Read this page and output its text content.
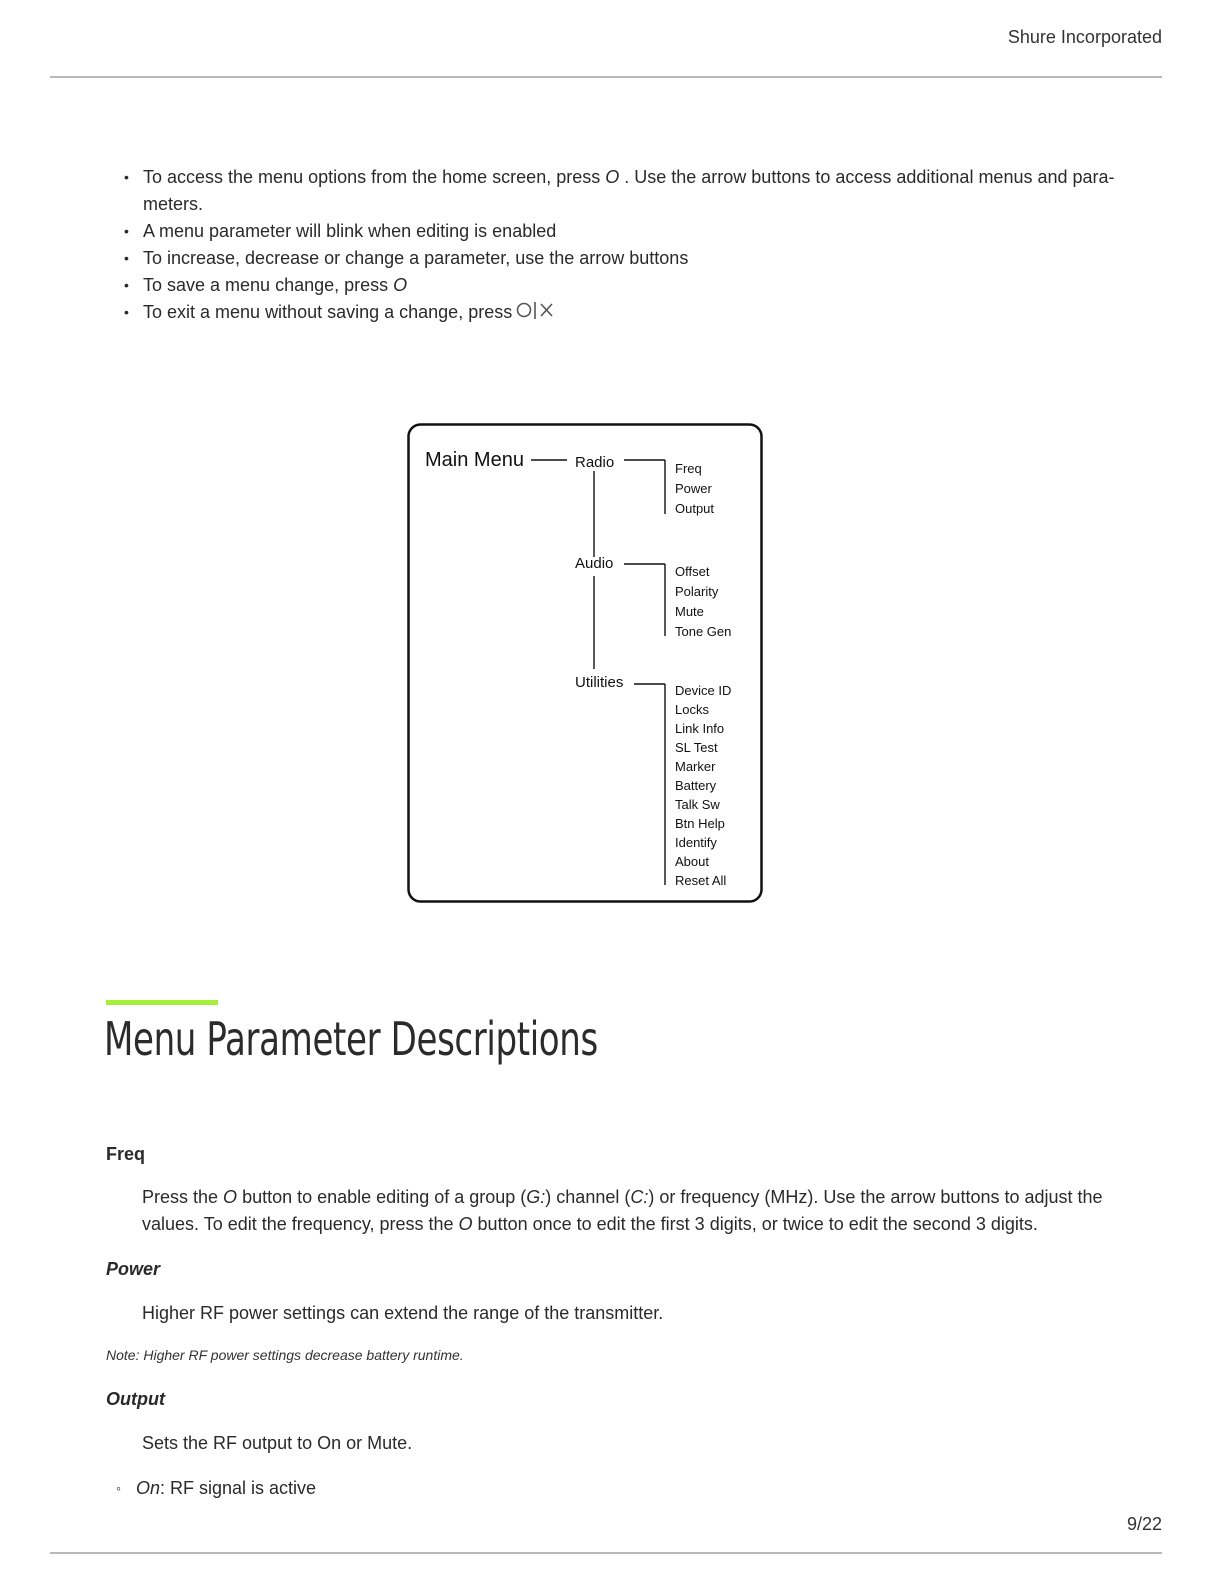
Shure Incorporated
• To access the menu options from the home screen, press O . Use the arrow buttons to access additional menus and para-meters.
• A menu parameter will blink when editing is enabled
• To increase, decrease or change a parameter, use the arrow buttons
• To save a menu change, press O
• To exit a menu without saving a change, press
Main Menu	Radio
Audio
Utilities
Freq
Power
Output
Offset
Polarity
Mute
Tone Gen
Device ID
Locks
Link Info
SL Test
Marker
Battery
Talk Sw
Btn Help
Identify
About
Reset All
Menu Parameter Descriptions

Freq

Press the O button to enable editing of a group (G:) channel (C:) or frequency (MHz). Use the arrow buttons to adjust the values. To edit the frequency, press the O button once to edit the first 3 digits, or twice to edit the second 3 digits.

Power

Higher RF power settings can extend the range of the transmitter.

Note: Higher RF power settings decrease battery runtime.

Output

Sets the RF output to On or Mute.

◦ On: RF signal is active
9/22
